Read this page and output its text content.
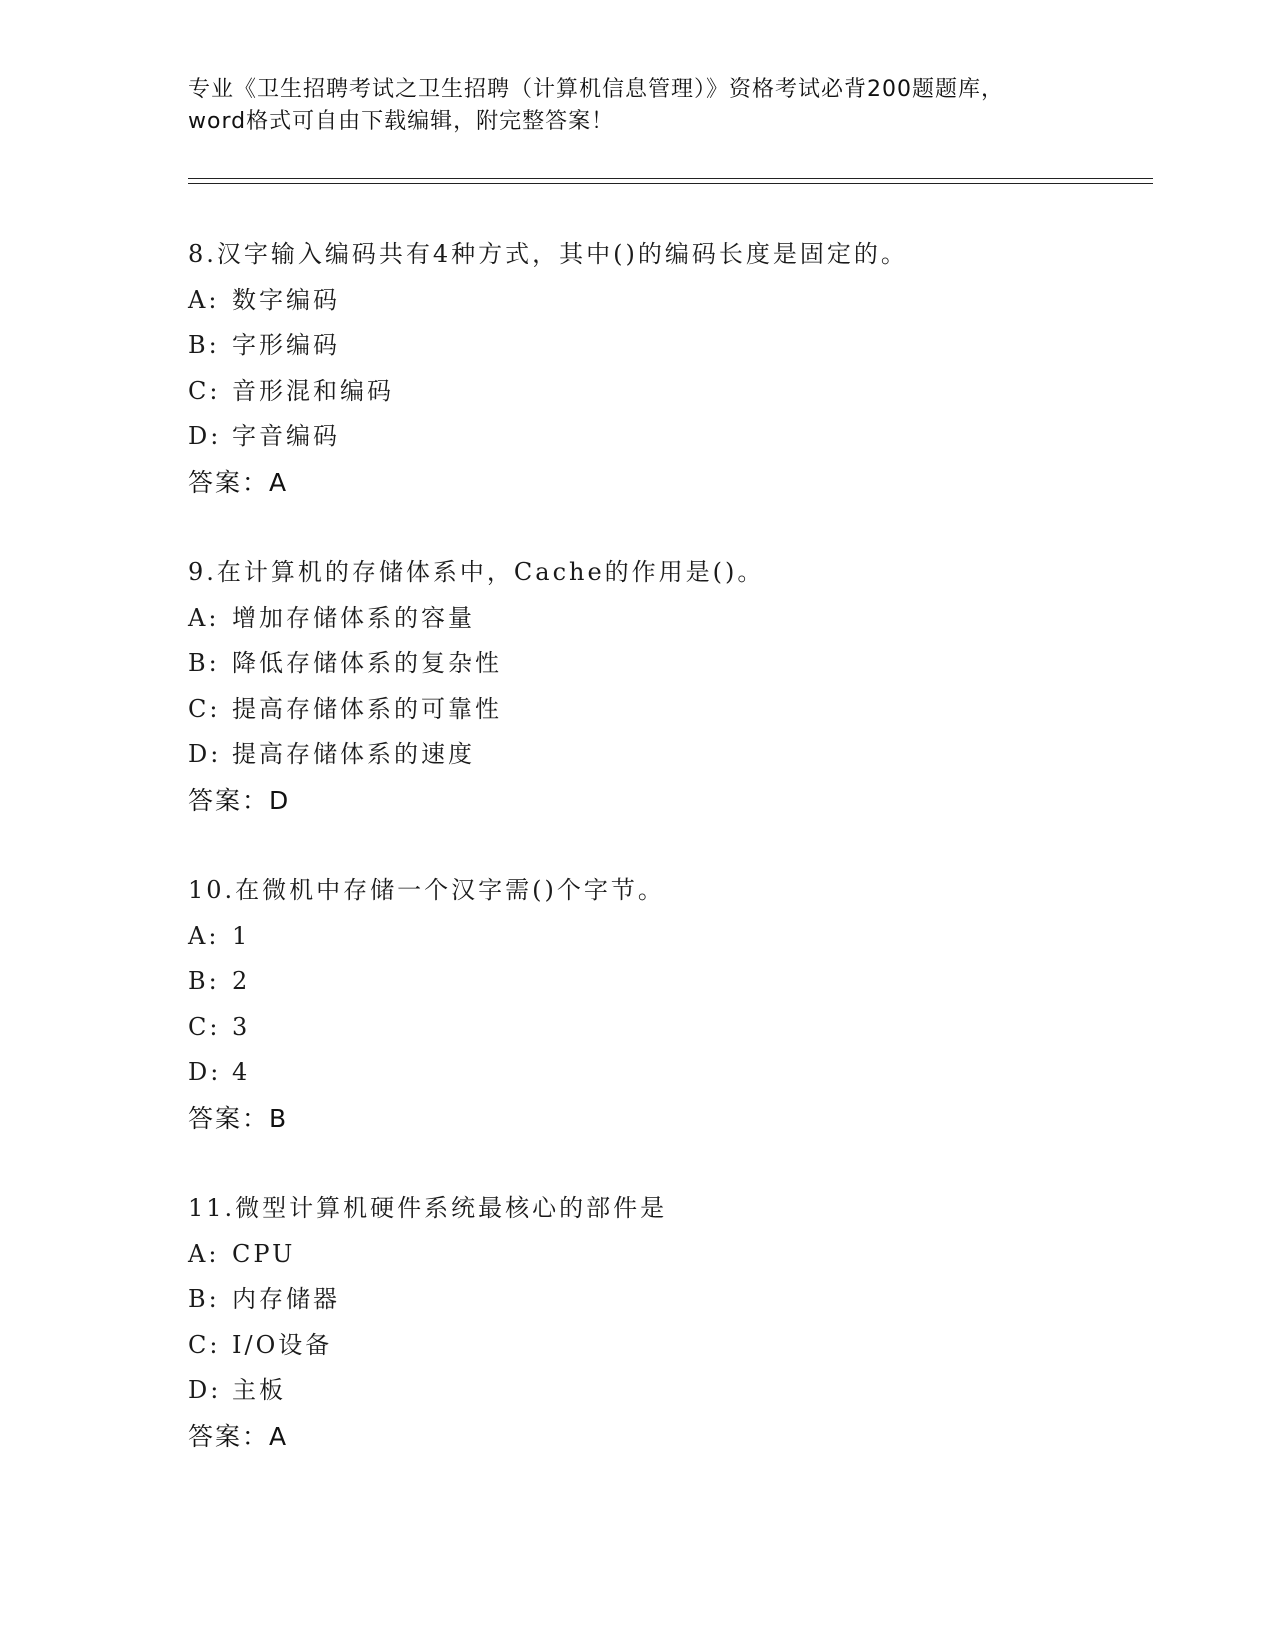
专业《卫生招聘考试之卫生招聘（计算机信息管理）》资格考试必背200题题库，
word格式可自由下载编辑，附完整答案！
8.汉字输入编码共有4种方式，其中()的编码长度是固定的。
A: 数字编码
B: 字形编码
C: 音形混和编码
D: 字音编码
答案：A
9.在计算机的存储体系中，Cache的作用是()。
A: 增加存储体系的容量
B: 降低存储体系的复杂性
C: 提高存储体系的可靠性
D: 提高存储体系的速度
答案：D
10.在微机中存储一个汉字需()个字节。
A: 1
B: 2
C: 3
D: 4
答案：B
11.微型计算机硬件系统最核心的部件是
A: CPU
B: 内存储器
C: I/O设备
D: 主板
答案：A
